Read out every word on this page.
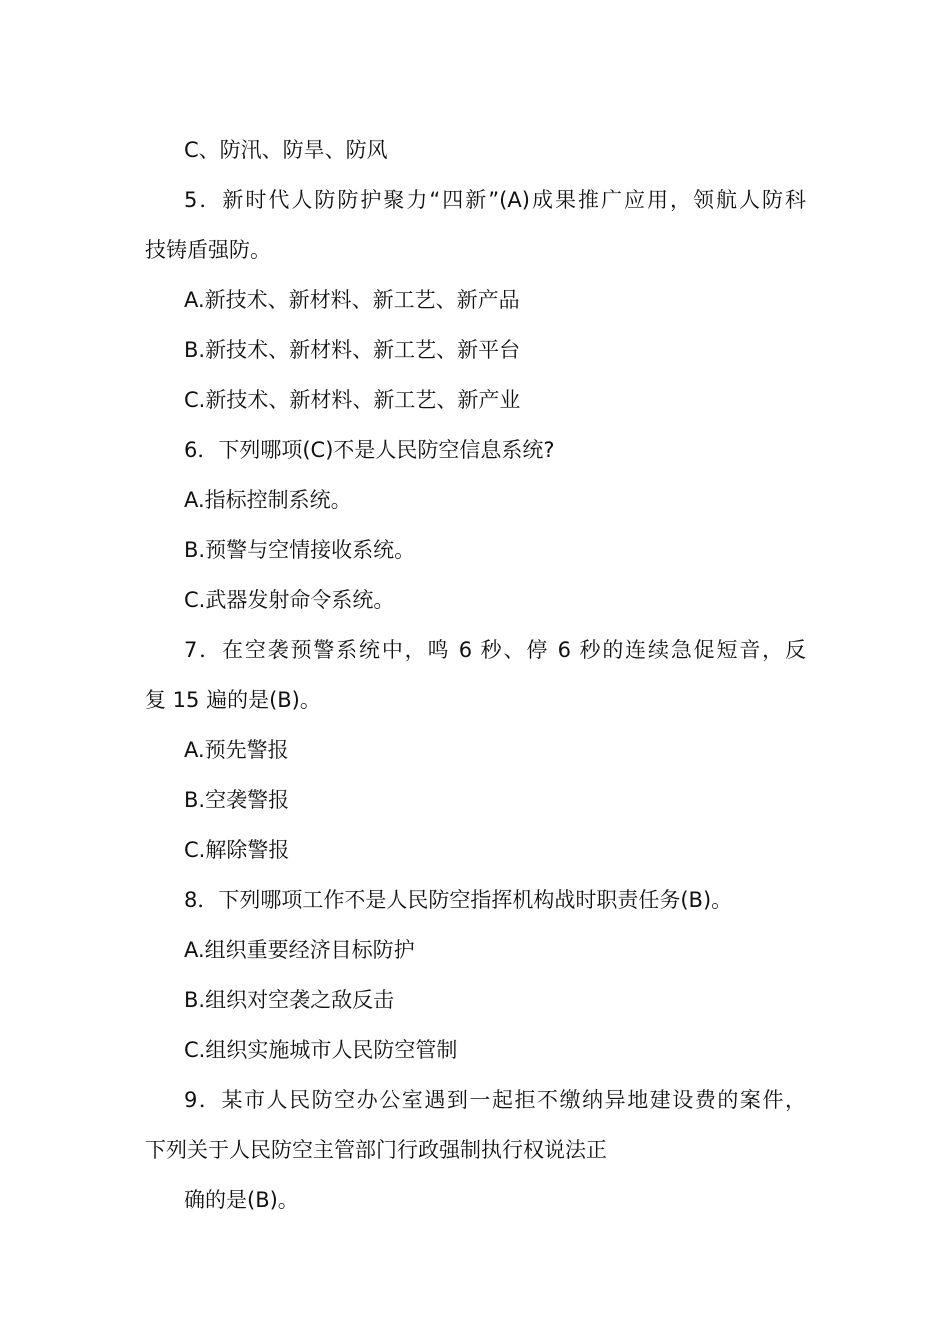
C、防汛、防旱、防风
5．新时代人防防护聚力“四新”(A)成果推广应用，领航人防科
技铸盾强防。
A.新技术、新材料、新工艺、新产品
B.新技术、新材料、新工艺、新平台
C.新技术、新材料、新工艺、新产业
6．下列哪项(C)不是人民防空信息系统?
A.指标控制系统。
B.预警与空情接收系统。
C.武器发射命令系统。
7．在空袭预警系统中，鸣 6 秒、停 6 秒的连续急促短音，反
复 15 遍的是(B)。
A.预先警报
B.空袭警报
C.解除警报
8．下列哪项工作不是人民防空指挥机构战时职责任务(B)。
A.组织重要经济目标防护
B.组织对空袭之敌反击
C.组织实施城市人民防空管制
9．某市人民防空办公室遇到一起拒不缴纳异地建设费的案件，
下列关于人民防空主管部门行政强制执行权说法正
确的是(B)。
